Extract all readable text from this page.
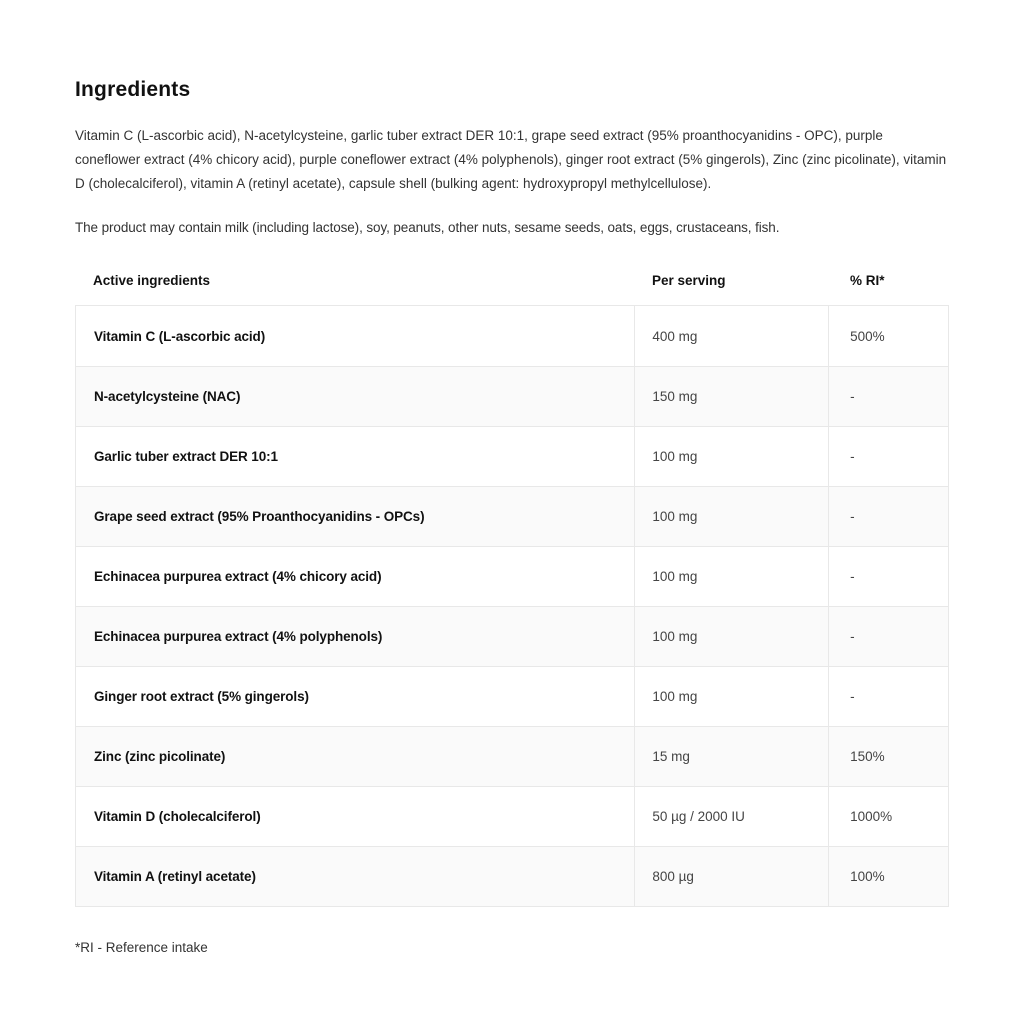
Ingredients

Vitamin C (L-ascorbic acid), N-acetylcysteine, garlic tuber extract DER 10:1, grape seed extract (95% proanthocyanidins - OPC), purple coneflower extract (4% chicory acid), purple coneflower extract (4% polyphenols), ginger root extract (5% gingerols), Zinc (zinc picolinate), vitamin D (cholecalciferol), vitamin A (retinyl acetate), capsule shell (bulking agent: hydroxypropyl methylcellulose).

The product may contain milk (including lactose), soy, peanuts, other nuts, sesame seeds, oats, eggs, crustaceans, fish.

Active ingredients	Per serving	% RI*
Vitamin C (L-ascorbic acid)	400 mg	500%
N-acetylcysteine (NAC)	150 mg	-
Garlic tuber extract DER 10:1	100 mg	-
Grape seed extract (95% Proanthocyanidins - OPCs)	100 mg	-
Echinacea purpurea extract (4% chicory acid)	100 mg	-
Echinacea purpurea extract (4% polyphenols)	100 mg	-
Ginger root extract (5% gingerols)	100 mg	-
Zinc (zinc picolinate)	15 mg	150%
Vitamin D (cholecalciferol)	50 µg / 2000 IU	1000%
Vitamin A (retinyl acetate)	800 µg	100%

*RI - Reference intake
